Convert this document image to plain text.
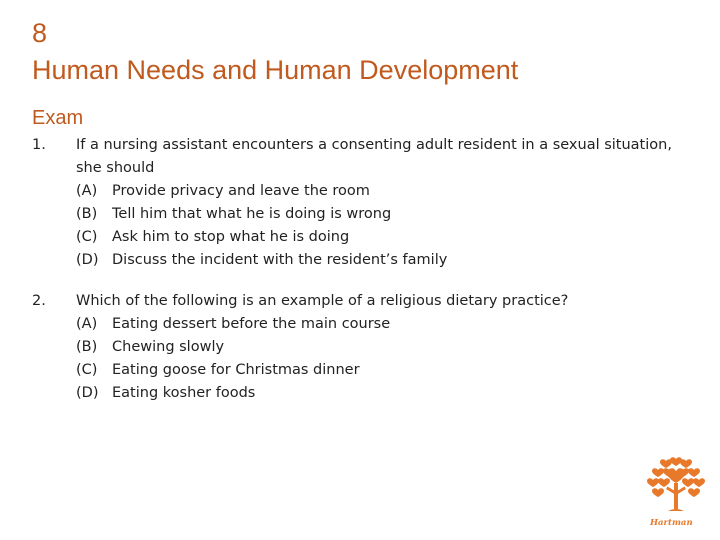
8
Human Needs and Human Development
Exam
1. If a nursing assistant encounters a consenting adult resident in a sexual situation, she should
(A)	Provide privacy and leave the room
(B)	Tell him that what he is doing is wrong
(C)	Ask him to stop what he is doing
(D) Discuss the incident with the resident’s family
2. Which of the following is an example of a religious dietary practice?
(A)	Eating dessert before the main course
(B)	Chewing slowly
(C)	Eating goose for Christmas dinner
(D) Eating kosher foods
Hartman
